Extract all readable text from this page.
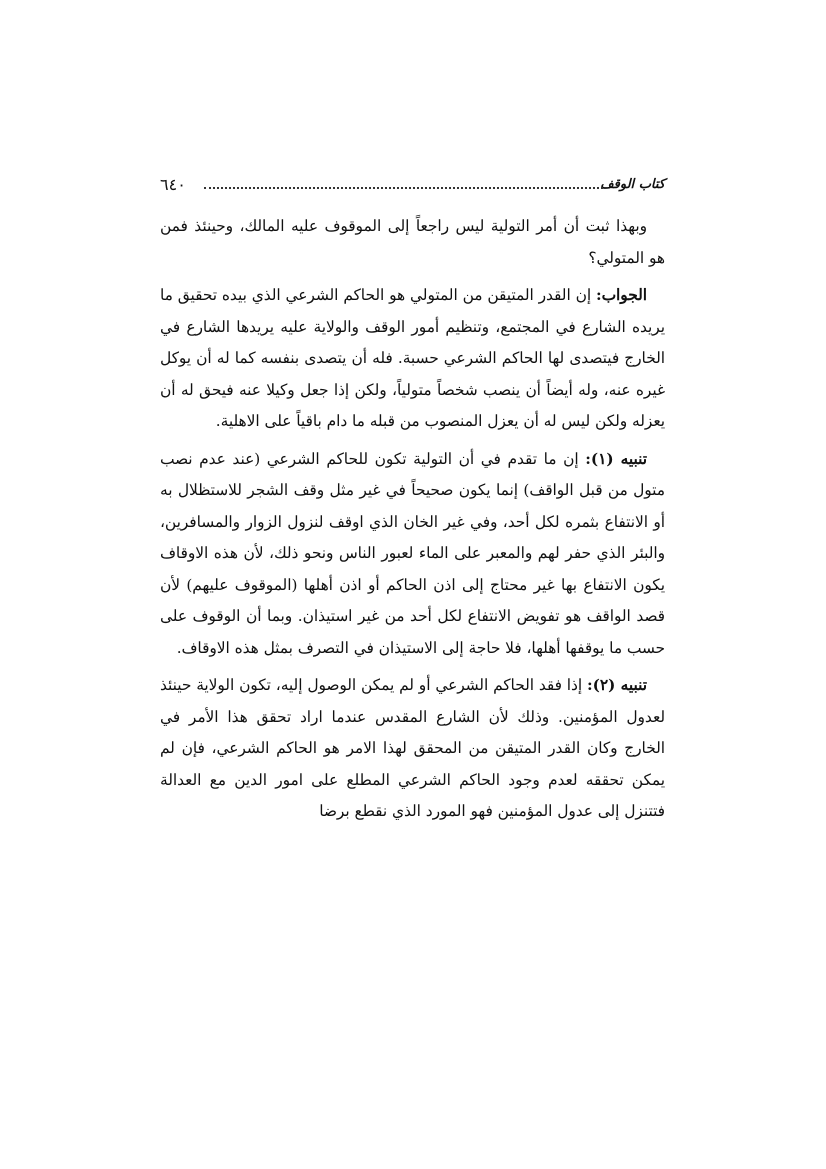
كتاب الوقف
٦٤٠

وبهذا ثبت أن أمر التولية ليس راجعاً إلى الموقوف عليه المالك، وحينئذ فمن هو المتولي؟

الجواب: إن القدر المتيقن من المتولي هو الحاكم الشرعي الذي بيده تحقيق ما يريده الشارع في المجتمع، وتنظيم أمور الوقف والولاية عليه يريدها الشارع في الخارج فيتصدى لها الحاكم الشرعي حسبة. فله أن يتصدى بنفسه كما له أن يوكل غيره عنه، وله أيضاً أن ينصب شخصاً متولياً، ولكن إذا جعل وكيلا عنه فيحق له أن يعزله ولكن ليس له أن يعزل المنصوب من قبله ما دام باقياً على الاهلية.

تنبيه (١): إن ما تقدم في أن التولية تكون للحاكم الشرعي (عند عدم نصب متول من قبل الواقف) إنما يكون صحيحاً في غير مثل وقف الشجر للاستظلال به أو الانتفاع بثمره لكل أحد، وفي غير الخان الذي اوقف لنزول الزوار والمسافرين، والبئر الذي حفر لهم والمعبر على الماء لعبور الناس ونحو ذلك، لأن هذه الاوقاف يكون الانتفاع بها غير محتاج إلى اذن الحاكم أو اذن أهلها (الموقوف عليهم) لأن قصد الواقف هو تفويض الانتفاع لكل أحد من غير استيذان. وبما أن الوقوف على حسب ما يوقفها أهلها، فلا حاجة إلى الاستيذان في التصرف بمثل هذه الاوقاف.

تنبيه (٢): إذا فقد الحاكم الشرعي أو لم يمكن الوصول إليه، تكون الولاية حينئذ لعدول المؤمنين. وذلك لأن الشارع المقدس عندما اراد تحقق هذا الأمر في الخارج وكان القدر المتيقن من المحقق لهذا الامر هو الحاكم الشرعي، فإن لم يمكن تحققه لعدم وجود الحاكم الشرعي المطلع على امور الدين مع العدالة فتتنزل إلى عدول المؤمنين فهو المورد الذي نقطع برضا
